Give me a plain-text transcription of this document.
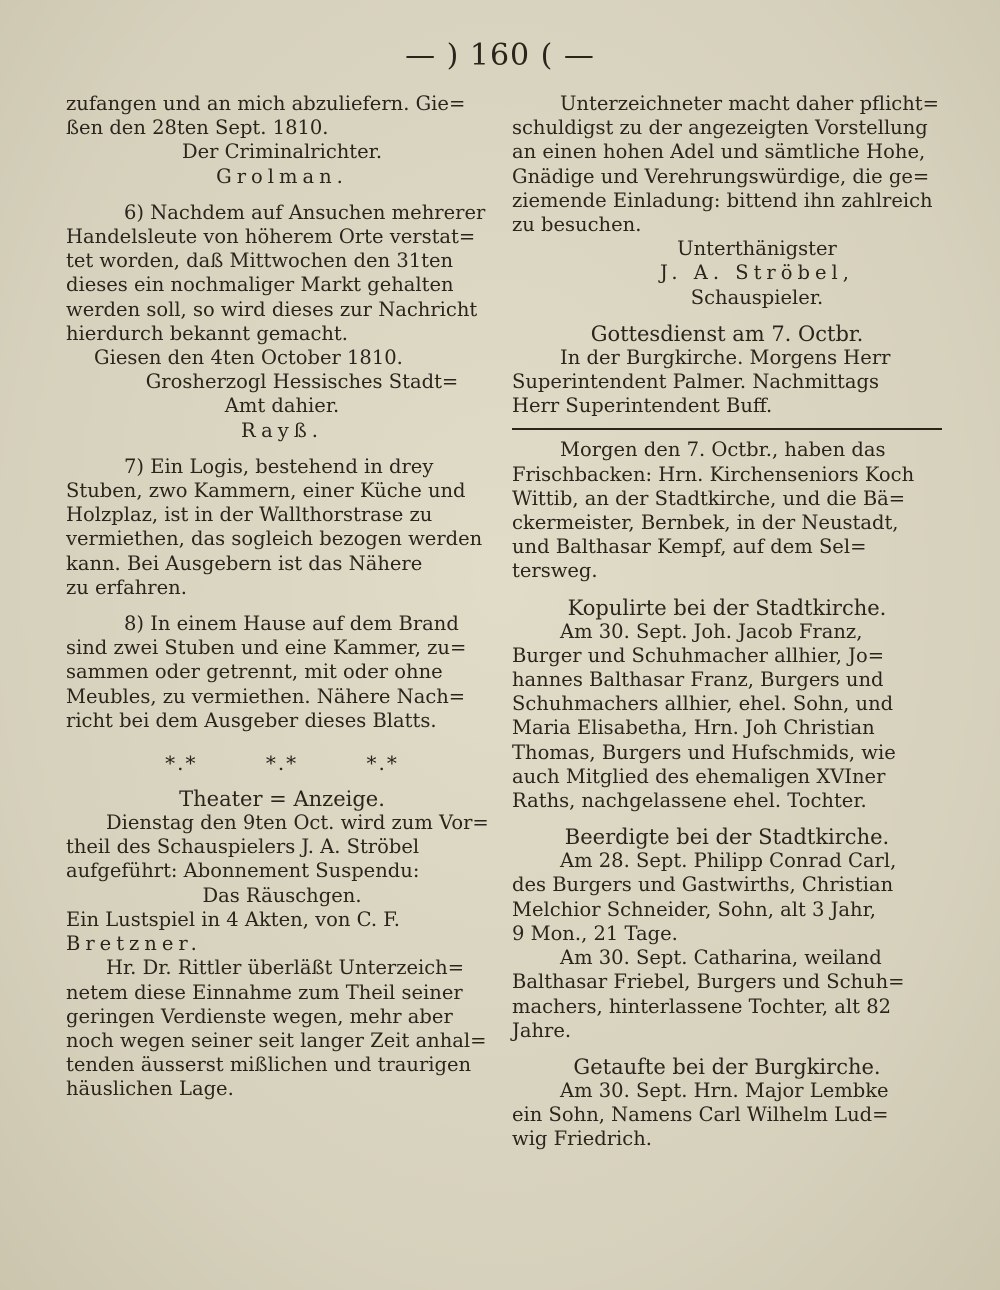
— ) 160 ( —

zufangen und an mich abzuliefern. Gie=

ßen den 28ten Sept. 1810.

Der Criminalrichter.

Grolman.

6) Nachdem auf Ansuchen mehrerer

Handelsleute von höherem Orte verstat=

tet worden, daß Mittwochen den 31ten

dieses ein nochmaliger Markt gehalten

werden soll, so wird dieses zur Nachricht

hierdurch bekannt gemacht.

Giesen den 4ten October 1810.

Grosherzogl Hessisches Stadt=

Amt dahier.

Rayß.

7) Ein Logis, bestehend in drey

Stuben, zwo Kammern, einer Küche und

Holzplaz, ist in der Wallthorstrase zu

vermiethen, das sogleich bezogen werden

kann. Bei Ausgebern ist das Nähere

zu erfahren.

8) In einem Hause auf dem Brand

sind zwei Stuben und eine Kammer, zu=

sammen oder getrennt, mit oder ohne

Meubles, zu vermiethen. Nähere Nach=

richt bei dem Ausgeber dieses Blatts.

*.*	*.*	*.*

Theater = Anzeige.

Dienstag den 9ten Oct. wird zum Vor=

theil des Schauspielers J. A. Ströbel

aufgeführt: Abonnement Suspendu:

Das Räuschgen.

Ein Lustspiel in 4 Akten, von C. F.

Bretzner.

Hr. Dr. Rittler überläßt Unterzeich=

netem diese Einnahme zum Theil seiner

geringen Verdienste wegen, mehr aber

noch wegen seiner seit langer Zeit anhal=

tenden äusserst mißlichen und traurigen

häuslichen Lage.

Unterzeichneter macht daher pflicht=

schuldigst zu der angezeigten Vorstellung

an einen hohen Adel und sämtliche Hohe,

Gnädige und Verehrungswürdige, die ge=

ziemende Einladung: bittend ihn zahlreich

zu besuchen.

Unterthänigster

J. A. Ströbel,

Schauspieler.

Gottesdienst am 7. Octbr.

In der Burgkirche. Morgens Herr

Superintendent Palmer. Nachmittags

Herr Superintendent Buff.

Morgen den 7. Octbr., haben das

Frischbacken: Hrn. Kirchenseniors Koch

Wittib, an der Stadtkirche, und die Bä=

ckermeister, Bernbek, in der Neustadt,

und Balthasar Kempf, auf dem Sel=

tersweg.

Kopulirte bei der Stadtkirche.

Am 30. Sept. Joh. Jacob Franz,

Burger und Schuhmacher allhier, Jo=

hannes Balthasar Franz, Burgers und

Schuhmachers allhier, ehel. Sohn, und

Maria Elisabetha, Hrn. Joh Christian

Thomas, Burgers und Hufschmids, wie

auch Mitglied des ehemaligen XVIner

Raths, nachgelassene ehel. Tochter.

Beerdigte bei der Stadtkirche.

Am 28. Sept. Philipp Conrad Carl,

des Burgers und Gastwirths, Christian

Melchior Schneider, Sohn, alt 3 Jahr,

9 Mon., 21 Tage.

Am 30. Sept. Catharina, weiland

Balthasar Friebel, Burgers und Schuh=

machers, hinterlassene Tochter, alt 82

Jahre.

Getaufte bei der Burgkirche.

Am 30. Sept. Hrn. Major Lembke

ein Sohn, Namens Carl Wilhelm Lud=

wig Friedrich.
